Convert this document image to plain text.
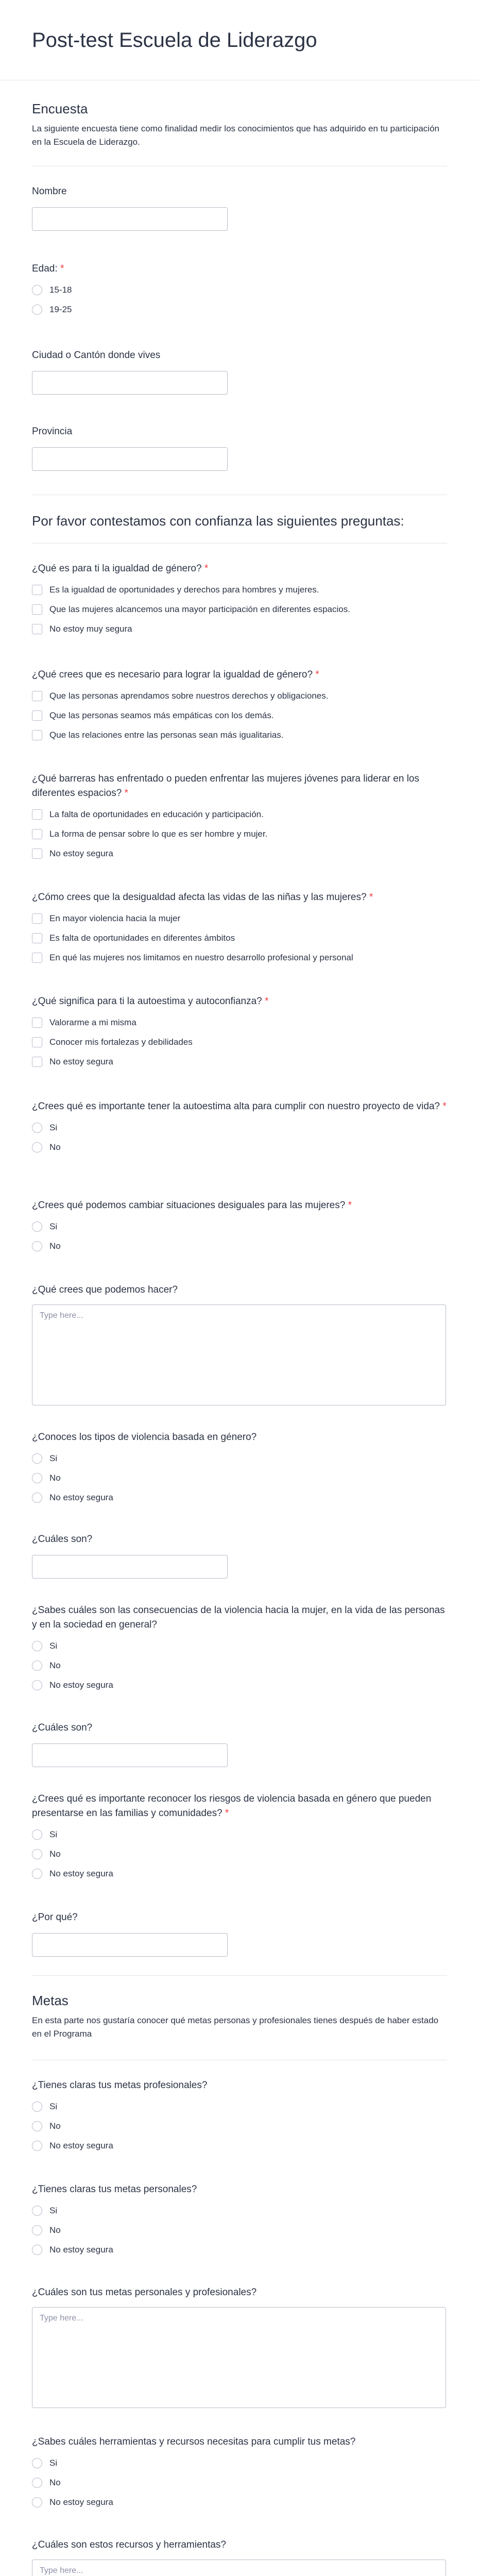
Post-test Escuela de Liderazgo
Encuesta
La siguiente encuesta tiene como finalidad medir los conocimientos que has adquirido en tu participación en la Escuela de Liderazgo.
Nombre
Edad: *
15-18
19-25
Ciudad o Cantón donde vives
Provincia
Por favor contestamos con confianza las siguientes preguntas:
¿Qué es para ti la igualdad de género? *
Es la igualdad de oportunidades y derechos para hombres y mujeres.
Que las mujeres alcancemos una mayor participación en diferentes espacios.
No estoy muy segura
¿Qué crees que es necesario para lograr la igualdad de género? *
Que las personas aprendamos sobre nuestros derechos y obligaciones.
Que las personas seamos más empáticas con los demás.
Que las relaciones entre las personas sean más igualitarias.
¿Qué barreras has enfrentado o pueden enfrentar las mujeres jóvenes para liderar en los diferentes espacios? *
La falta de oportunidades en educación y participación.
La forma de pensar sobre lo que es ser hombre y mujer.
No estoy segura
¿Cómo crees que la desigualdad afecta las vidas de las niñas y las mujeres? *
En mayor violencia hacia la mujer
Es falta de oportunidades en diferentes ámbitos
En qué las mujeres nos limitamos en nuestro desarrollo profesional y personal
¿Qué significa para ti la autoestima y autoconfianza? *
Valorarme a mi misma
Conocer mis fortalezas y debilidades
No estoy segura
¿Crees qué es importante tener la autoestima alta para cumplir con nuestro proyecto de vida? *
Si
No
¿Crees qué podemos cambiar situaciones desiguales para las mujeres? *
Si
No
¿Qué crees que podemos hacer?
Type here...
¿Conoces los tipos de violencia basada en género?
Si
No
No estoy segura
¿Cuáles son?
¿Sabes cuáles son las consecuencias de la violencia hacia la mujer, en la vida de las personas y en la sociedad en general?
Si
No
No estoy segura
¿Cuáles son?
¿Crees qué es importante reconocer los riesgos de violencia basada en género que pueden presentarse en las familias y comunidades? *
Si
No
No estoy segura
¿Por qué?
Metas
En esta parte nos gustaría conocer qué metas personas y profesionales tienes después de haber estado en el Programa
¿Tienes claras tus metas profesionales?
Si
No
No estoy segura
¿Tienes claras tus metas personales?
Si
No
No estoy segura
¿Cuáles son tus metas personales y profesionales?
Type here...
¿Sabes cuáles herramientas y recursos necesitas para cumplir tus metas?
Si
No
No estoy segura
¿Cuáles son estos recursos y herramientas?
Type here...
